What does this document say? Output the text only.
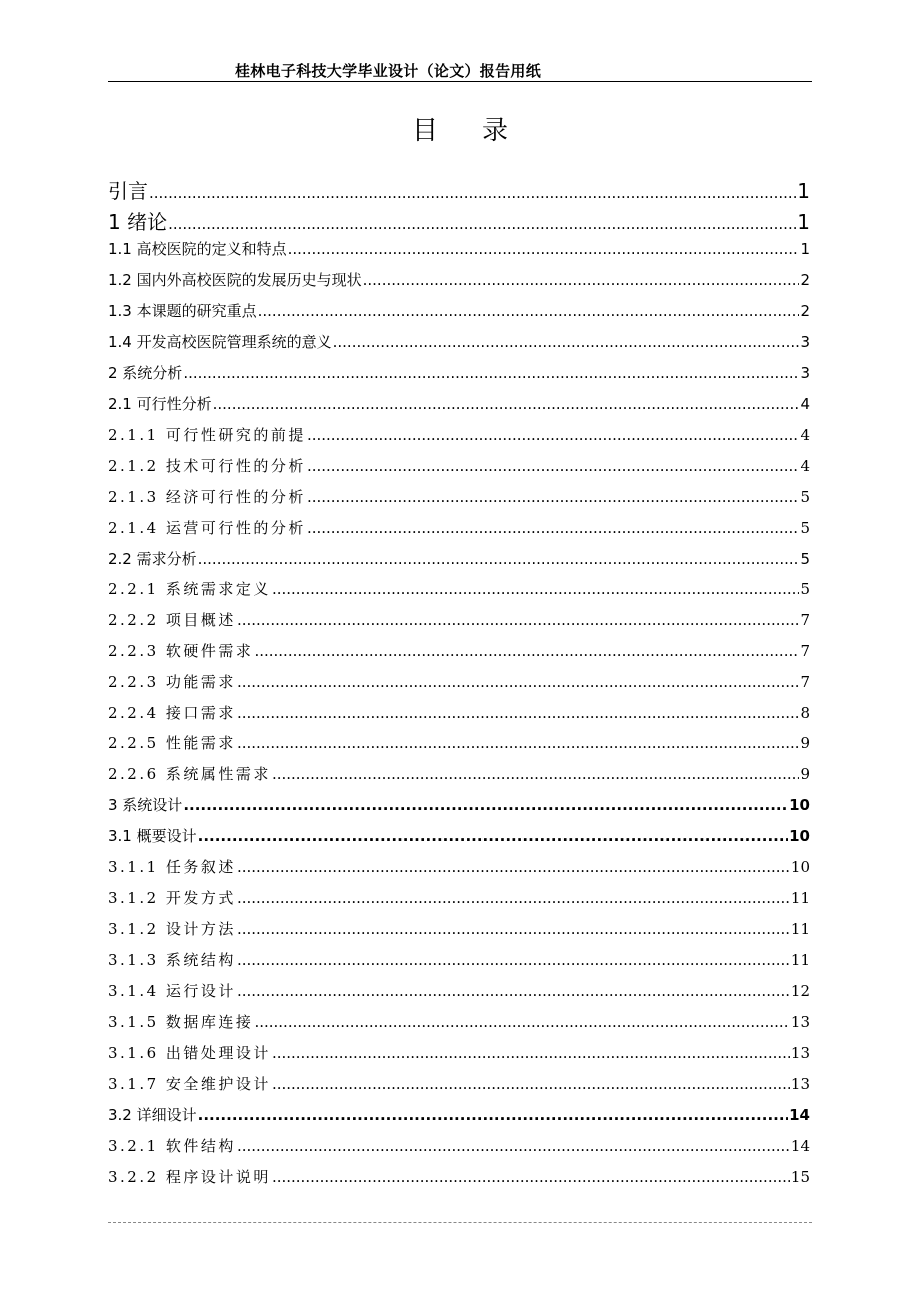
桂林电子科技大学毕业设计（论文）报告用纸
目录
引言 .....	1
1 绪论 .....	1
1.1 高校医院的定义和特点 .....	1
1.2 国内外高校医院的发展历史与现状 .....	2
1.3 本课题的研究重点 .....	2
1.4 开发高校医院管理系统的意义 .....	3
2 系统分析 .....	3
2.1 可行性分析 .....	4
2.1.1 可行性研究的前提 .....	4
2.1.2 技术可行性的分析 .....	4
2.1.3 经济可行性的分析 .....	5
2.1.4 运营可行性的分析 .....	5
2.2 需求分析 .....	5
2.2.1 系统需求定义 .....	5
2.2.2 项目概述 .....	7
2.2.3 软硬件需求 .....	7
2.2.3 功能需求 .....	7
2.2.4 接口需求 .....	8
2.2.5 性能需求 .....	9
2.2.6 系统属性需求 .....	9
3 系统设计 .....	10
3.1 概要设计 .....	10
3.1.1 任务叙述 .....	10
3.1.2 开发方式 .....	11
3.1.2 设计方法 .....	11
3.1.3 系统结构 .....	11
3.1.4 运行设计 .....	12
3.1.5 数据库连接 .....	13
3.1.6 出错处理设计 .....	13
3.1.7 安全维护设计 .....	13
3.2 详细设计 .....	14
3.2.1 软件结构 .....	14
3.2.2 程序设计说明 .....	15
